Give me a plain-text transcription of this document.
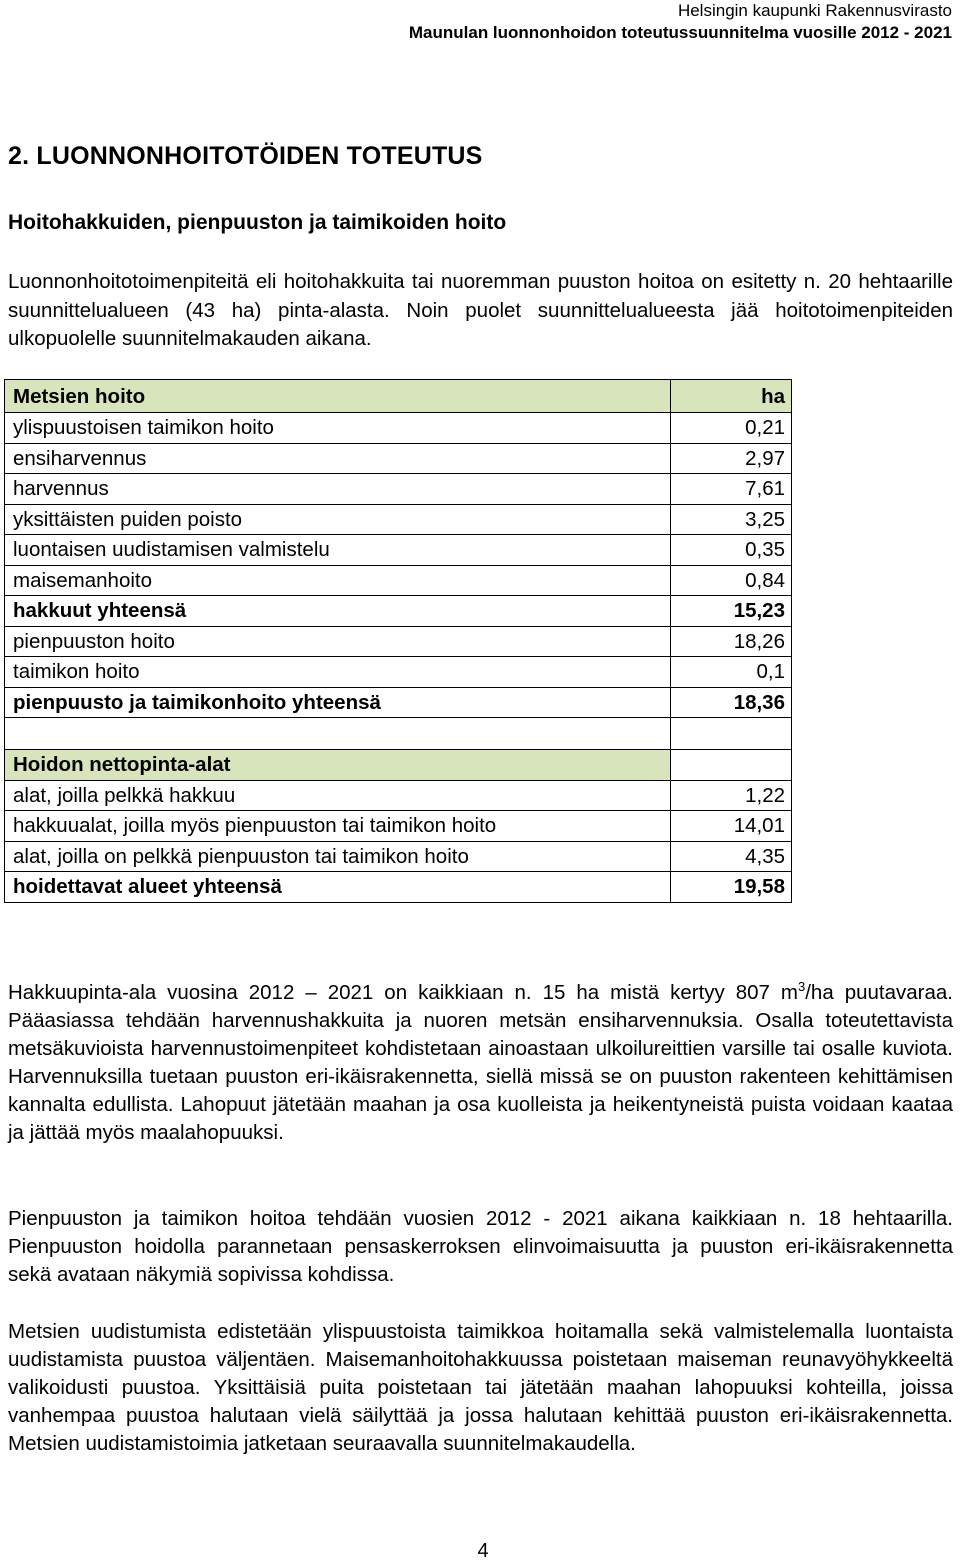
Helsingin kaupunki Rakennusvirasto
Maunulan luonnonhoidon toteutussuunnitelma vuosille 2012 - 2021
2. LUONNONHOITOTÖIDEN TOTEUTUS
Hoitohakkuiden, pienpuuston ja taimikoiden hoito
Luonnonhoitotoimenpiteitä eli hoitohakkuita tai nuoremman puuston hoitoa on esitetty n. 20 hehtaarille suunnittelualueen (43 ha) pinta-alasta. Noin puolet suunnittelualueesta jää hoitotoimenpiteiden ulkopuolelle suunnitelmakauden aikana.
Metsien hoito	ha
ylispuustoisen taimikon hoito	0,21
ensiharvennus	2,97
harvennus	7,61
yksittäisten puiden poisto	3,25
luontaisen uudistamisen valmistelu	0,35
maisemanhoito	0,84
hakkuut yhteensä	15,23
pienpuuston hoito	18,26
taimikon hoito	0,1
pienpuusto ja taimikonhoito yhteensä	18,36

Hoidon nettopinta-alat	
alat, joilla pelkkä hakkuu	1,22
hakkuualat, joilla myös pienpuuston tai taimikon hoito	14,01
alat, joilla on pelkkä pienpuuston tai taimikon hoito	4,35
hoidettavat alueet yhteensä	19,58
Hakkuupinta-ala vuosina 2012 – 2021 on kaikkiaan n. 15 ha mistä kertyy 807 $m^3/ha$ puutavaraa. Pääasiassa tehdään harvennushakkuita ja nuoren metsän ensiharvennuksia. Osalla toteutettavista metsäkuvioista harvennustoimenpiteet kohdistetaan ainoastaan ulkoilureittien varsille tai osalle kuviota. Harvennuksilla tuetaan puuston eri-ikäisrakennetta, siellä missä se on puuston rakenteen kehittämisen kannalta edullista. Lahopuut jätetään maahan ja osa kuolleista ja heikentyneistä puista voidaan kaataa ja jättää myös maalahopuuksi.
Pienpuuston ja taimikon hoitoa tehdään vuosien 2012 - 2021 aikana kaikkiaan n. 18 hehtaarilla. Pienpuuston hoidolla parannetaan pensaskerroksen elinvoimaisuutta ja puuston eri-ikäisrakennetta sekä avataan näkymiä sopivissa kohdissa.
Metsien uudistumista edistetään ylispuustoista taimikkoa hoitamalla sekä valmistelemalla luontaista uudistamista puustoa väljentäen. Maisemanhoitohakkuussa poistetaan maiseman reunavyöhykkeeltä valikoidusti puustoa. Yksittäisiä puita poistetaan tai jätetään maahan lahopuuksi kohteilla, joissa vanhempaa puustoa halutaan vielä säilyttää ja jossa halutaan kehittää puuston eri-ikäisrakennetta. Metsien uudistamistoimia jatketaan seuraavalla suunnitelmakaudella.
4
